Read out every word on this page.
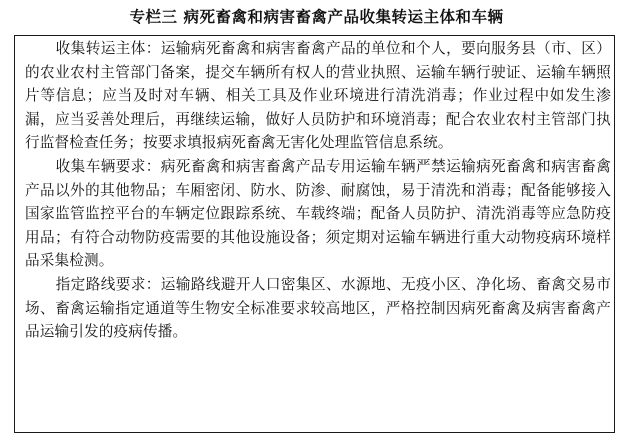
专栏三 病死畜禽和病害畜禽产品收集转运主体和车辆

收集转运主体：运输病死畜禽和病害畜禽产品的单位和个人，要向服务县（市、区）的农业农村主管部门备案，提交车辆所有权人的营业执照、运输车辆行驶证、运输车辆照片等信息；应当及时对车辆、相关工具及作业环境进行清洗消毒；作业过程中如发生渗漏，应当妥善处理后，再继续运输，做好人员防护和环境消毒；配合农业农村主管部门执行监督检查任务；按要求填报病死畜禽无害化处理监管信息系统。

收集车辆要求：病死畜禽和病害畜禽产品专用运输车辆严禁运输病死畜禽和病害畜禽产品以外的其他物品；车厢密闭、防水、防渗、耐腐蚀，易于清洗和消毒；配备能够接入国家监管监控平台的车辆定位跟踪系统、车载终端；配备人员防护、清洗消毒等应急防疫用品；有符合动物防疫需要的其他设施设备；须定期对运输车辆进行重大动物疫病环境样品采集检测。

指定路线要求：运输路线避开人口密集区、水源地、无疫小区、净化场、畜禽交易市场、畜禽运输指定通道等生物安全标准要求较高地区，严格控制因病死畜禽及病害畜禽产品运输引发的疫病传播。
